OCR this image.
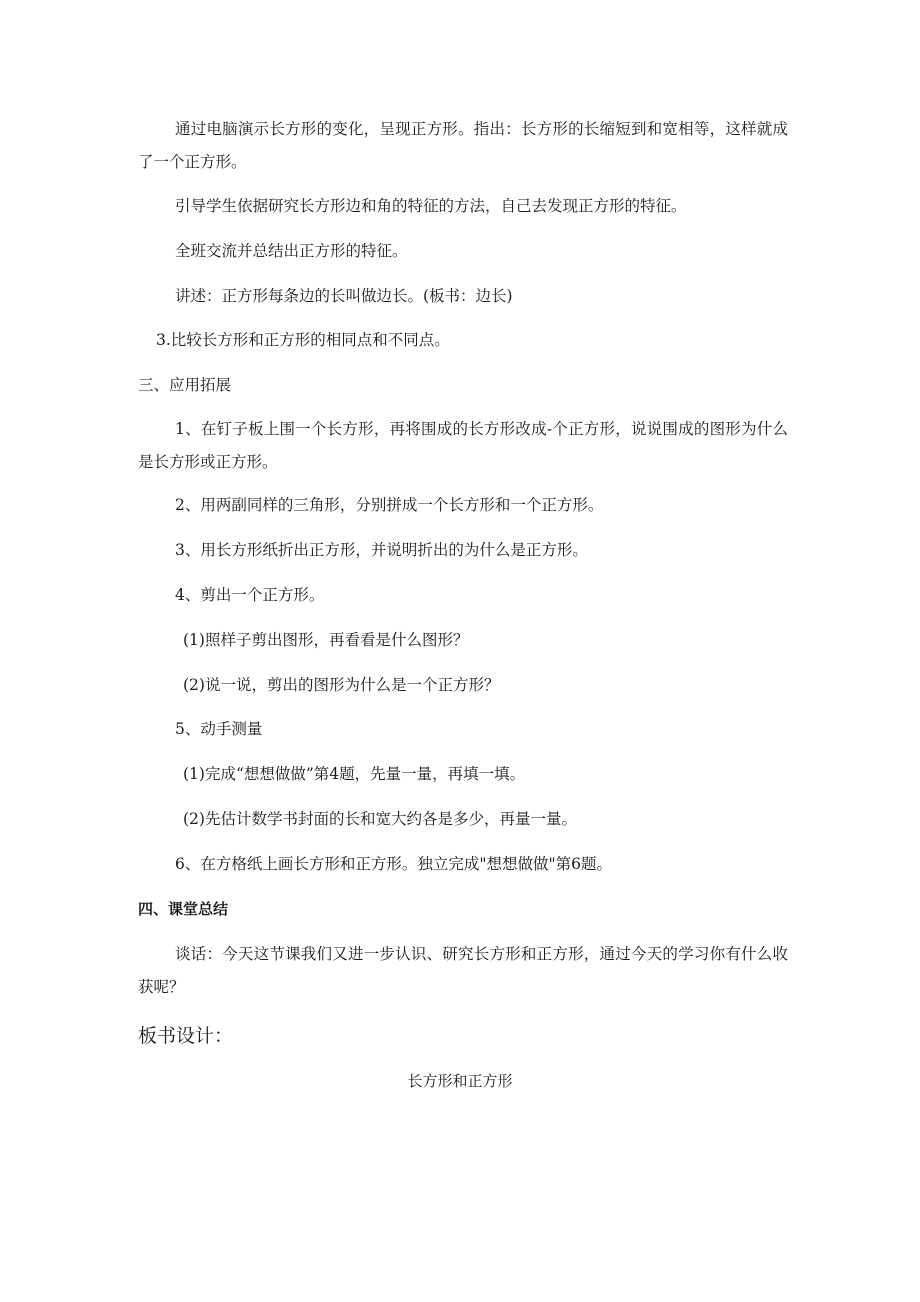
通过电脑演示长方形的变化，呈现正方形。指出：长方形的长缩短到和宽相等，这样就成了一个正方形。

引导学生依据研究长方形边和角的特征的方法，自己去发现正方形的特征。

全班交流并总结出正方形的特征。

讲述：正方形每条边的长叫做边长。(板书：边长)

3.比较长方形和正方形的相同点和不同点。

三、应用拓展

1、在钉子板上围一个长方形，再将围成的长方形改成-个正方形，说说围成的图形为什么是长方形或正方形。

2、用两副同样的三角形，分别拼成一个长方形和一个正方形。

3、用长方形纸折出正方形，并说明折出的为什么是正方形。

4、剪出一个正方形。

(1)照样子剪出图形，再看看是什么图形？

(2)说一说，剪出的图形为什么是一个正方形？

5、动手测量

(1)完成“想想做做”第4题，先量一量，再填一填。

(2)先估计数学书封面的长和宽大约各是多少，再量一量。

6、在方格纸上画长方形和正方形。独立完成"想想做做"第6题。

四、课堂总结

谈话：今天这节课我们又进一步认识、研究长方形和正方形，通过今天的学习你有什么收获呢？

板书设计：

长方形和正方形
